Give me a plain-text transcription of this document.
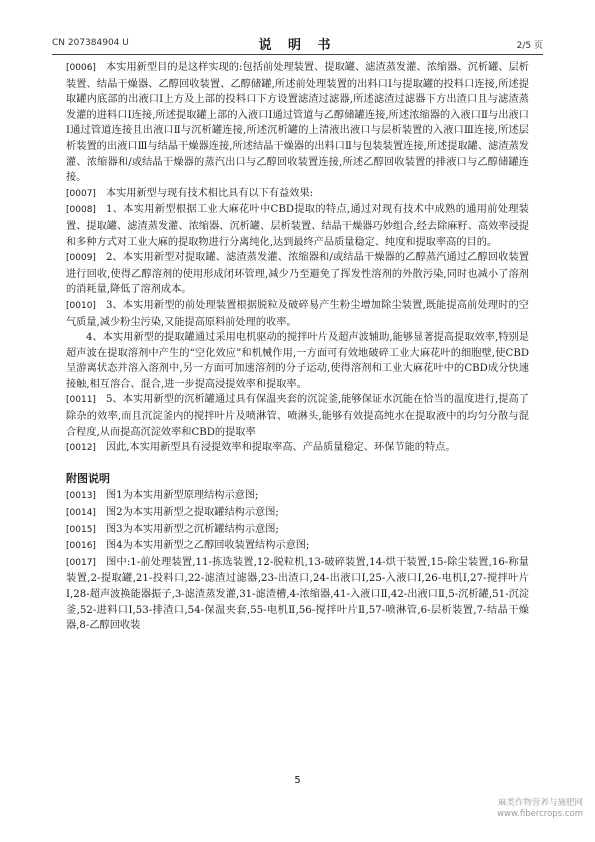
CN 207384904 U	说 明 书	2/5 页

[0006] 本实用新型目的是这样实现的:包括前处理装置、提取罐、滤渣蒸发灌、浓缩器、沉析罐、层析装置、结晶干燥器、乙醇回收装置、乙醇储罐,所述前处理装置的出料口I与提取罐的投料口连接,所述提取罐内底部的出液口I上方及上部的投料口下方设置滤渣过滤器,所述滤渣过滤器下方出渣口且与滤渣蒸发灌的进料口I连接,所述提取罐上部的入液口I通过管道与乙醇储罐连接,所述浓缩器的入液口Ⅱ与出液口I通过管道连接且出液口Ⅱ与沉析罐连接,所述沉析罐的上清液出液口与层析装置的入液口Ⅲ连接,所述层析装置的出液口Ⅲ与结晶干燥器连接,所述结晶干燥器的出料口Ⅱ与包装装置连接,所述提取罐、滤渣蒸发灌、浓缩器和/或结晶干燥器的蒸汽出口与乙醇回收装置连接,所述乙醇回收装置的排液口与乙醇储罐连接。

[0007] 本实用新型与现有技术相比具有以下有益效果:

[0008] 1、本实用新型根据工业大麻花叶中CBD提取的特点,通过对现有技术中成熟的通用前处理装置、提取罐、滤渣蒸发灌、浓缩器、沉析罐、层析装置、结晶干燥器巧妙组合,经去除麻籽、高效率浸提和多种方式对工业大麻的提取物进行分离纯化,达到最终产品质量稳定、纯度和提取率高的目的。

[0009] 2、本实用新型对提取罐、滤渣蒸发灌、浓缩器和/或结晶干燥器的乙醇蒸汽通过乙醇回收装置进行回收,使得乙醇溶剂的使用形成闭环管理,减少乃至避免了挥发性溶剂的外散污染,同时也减小了溶剂的消耗量,降低了溶剂成本。

[0010] 3、本实用新型的前处理装置根据脱粒及破碎易产生粉尘增加除尘装置,既能提高前处理时的空气质量,减少粉尘污染,又能提高原料前处理的收率。

4、本实用新型的提取罐通过采用电机驱动的搅拌叶片及超声波辅助,能够显著提高提取效率,特别是超声波在提取溶剂中产生的“空化效应”和机械作用,一方面可有效地破碎工业大麻花叶的细胞壁,使CBD呈游离状态并溶入溶剂中,另一方面可加速溶剂的分子运动,使得溶剂和工业大麻花叶中的CBD成分快速接触,相互溶合、混合,进一步提高浸提效率和提取率。

[0011] 5、本实用新型的沉析罐通过具有保温夹套的沉淀釜,能够保证水沉能在恰当的温度进行,提高了除杂的效率,而且沉淀釜内的搅拌叶片及喷淋管、喷淋头,能够有效提高纯水在提取液中的均匀分散与混合程度,从而提高沉淀效率和CBD的提取率

[0012] 因此,本实用新型具有浸提效率和提取率高、产品质量稳定、环保节能的特点。

附图说明

[0013] 图1为本实用新型原理结构示意图;

[0014] 图2为本实用新型之提取罐结构示意图;

[0015] 图3为本实用新型之沉析罐结构示意图;

[0016] 图4为本实用新型之乙醇回收装置结构示意图;

[0017] 图中:1-前处理装置,11-拣选装置,12-脱粒机,13-破碎装置,14-烘干装置,15-除尘装置,16-称量装置,2-提取罐,21-投料口,22-滤渣过滤器,23-出渣口,24-出液口I,25-入液口I,26-电机I,27-搅拌叶片I,28-超声波换能器振子,3-滤渣蒸发灌,31-滤渣槽,4-浓缩器,41-入液口Ⅱ,42-出液口Ⅱ,5-沉析罐,51-沉淀釜,52-进料口I,53-排渣口,54-保温夹套,55-电机Ⅱ,56-搅拌叶片Ⅱ,57-喷淋管,6-层析装置,7-结晶干燥器,8-乙醇回收装

5
麻类作物营养与施肥网
www.fibercrops.com
